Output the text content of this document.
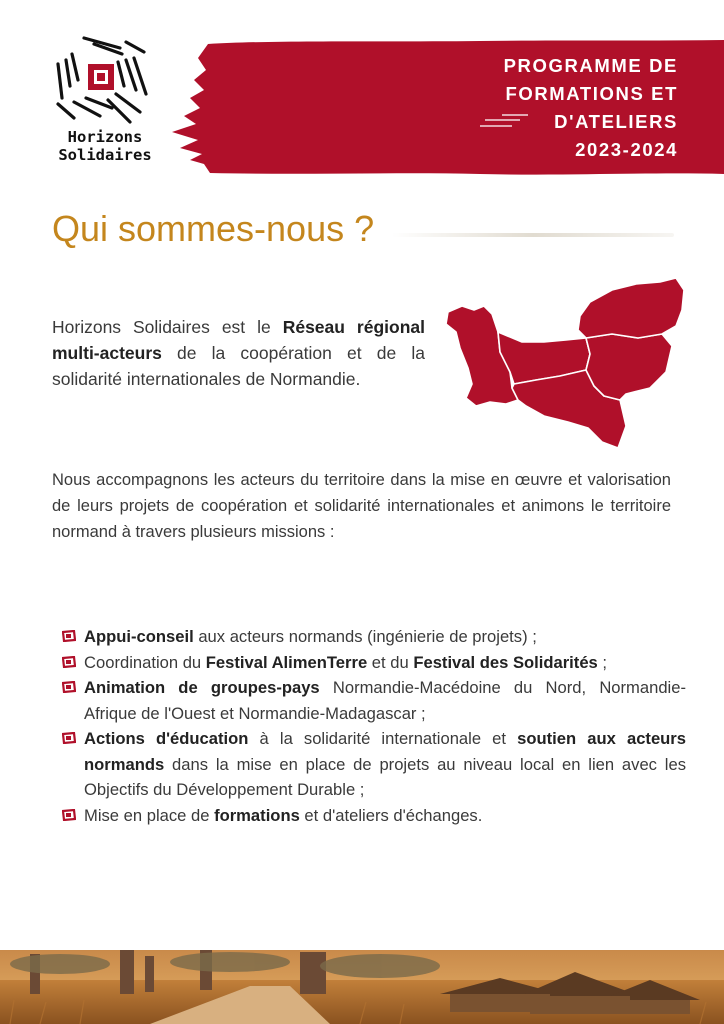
Horizons
Solidaires
PROGRAMME DE
FORMATIONS ET
D'ATELIERS
2023-2024
Qui sommes-nous ?
Horizons Solidaires est le Réseau régional multi-acteurs de la coopération et de la solidarité internationales de Normandie.
Nous accompagnons les acteurs du territoire dans la mise en œuvre et valorisation de leurs projets de coopération et solidarité internationales et animons le territoire normand à travers plusieurs missions :
Appui-conseil aux acteurs normands (ingénierie de projets) ;
Coordination du Festival AlimenTerre et du Festival des Solidarités ;
Animation de groupes-pays Normandie-Macédoine du Nord, Normandie-Afrique de l'Ouest et Normandie-Madagascar ;
Actions d'éducation à la solidarité internationale et soutien aux acteurs normands dans la mise en place de projets au niveau local en lien avec les Objectifs du Développement Durable ;
Mise en place de formations et d'ateliers d'échanges.
